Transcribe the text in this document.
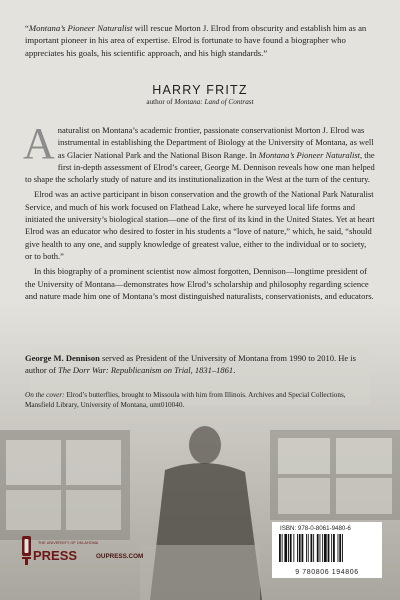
“Montana’s Pioneer Naturalist will rescue Morton J. Elrod from obscurity and establish him as an important pioneer in his area of expertise. Elrod is fortunate to have found a biographer who appreciates his goals, his scientific approach, and his high standards.”

HARRY FRITZ

author of Montana: Land of Contrast

Anaturalist on Montana’s academic frontier, passionate conservationist Morton J. Elrod was instrumental in establishing the Department of Biology at the University of Montana, as well as Glacier National Park and the National Bison Range. In Montana’s Pioneer Naturalist, the first in-depth assessment of Elrod’s career, George M. Dennison reveals how one man helped to shape the scholarly study of nature and its institutionalization in the West at the turn of the century.

Elrod was an active participant in bison conservation and the growth of the National Park Naturalist Service, and much of his work focused on Flathead Lake, where he surveyed local life forms and initiated the university’s biological station—one of the first of its kind in the United States. Yet at heart Elrod was an educator who desired to foster in his students a “love of nature,” which, he said, “should give health to any one, and supply knowledge of greatest value, either to the individual or to society, or to both.”

In this biography of a prominent scientist now almost forgotten, Dennison—longtime president of the University of Montana—demonstrates how Elrod’s scholarship and philosophy regarding science and nature made him one of Montana’s most distinguished naturalists, conservationists, and educators.

George M. Dennison served as President of the University of Montana from 1990 to 2010. He is author of The Dorr War: Republicanism on Trial, 1831–1861.

On the cover: Elrod’s butterflies, brought to Missoula with him from Illinois. Archives and Special Collections, Mansfield Library, University of Montana, umt010040.

THE UNIVERSITY OF OKLAHOMA
PRESS	OUPRESS.COM

ISBN: 978-0-8061-9480-6

9 780806 194806
